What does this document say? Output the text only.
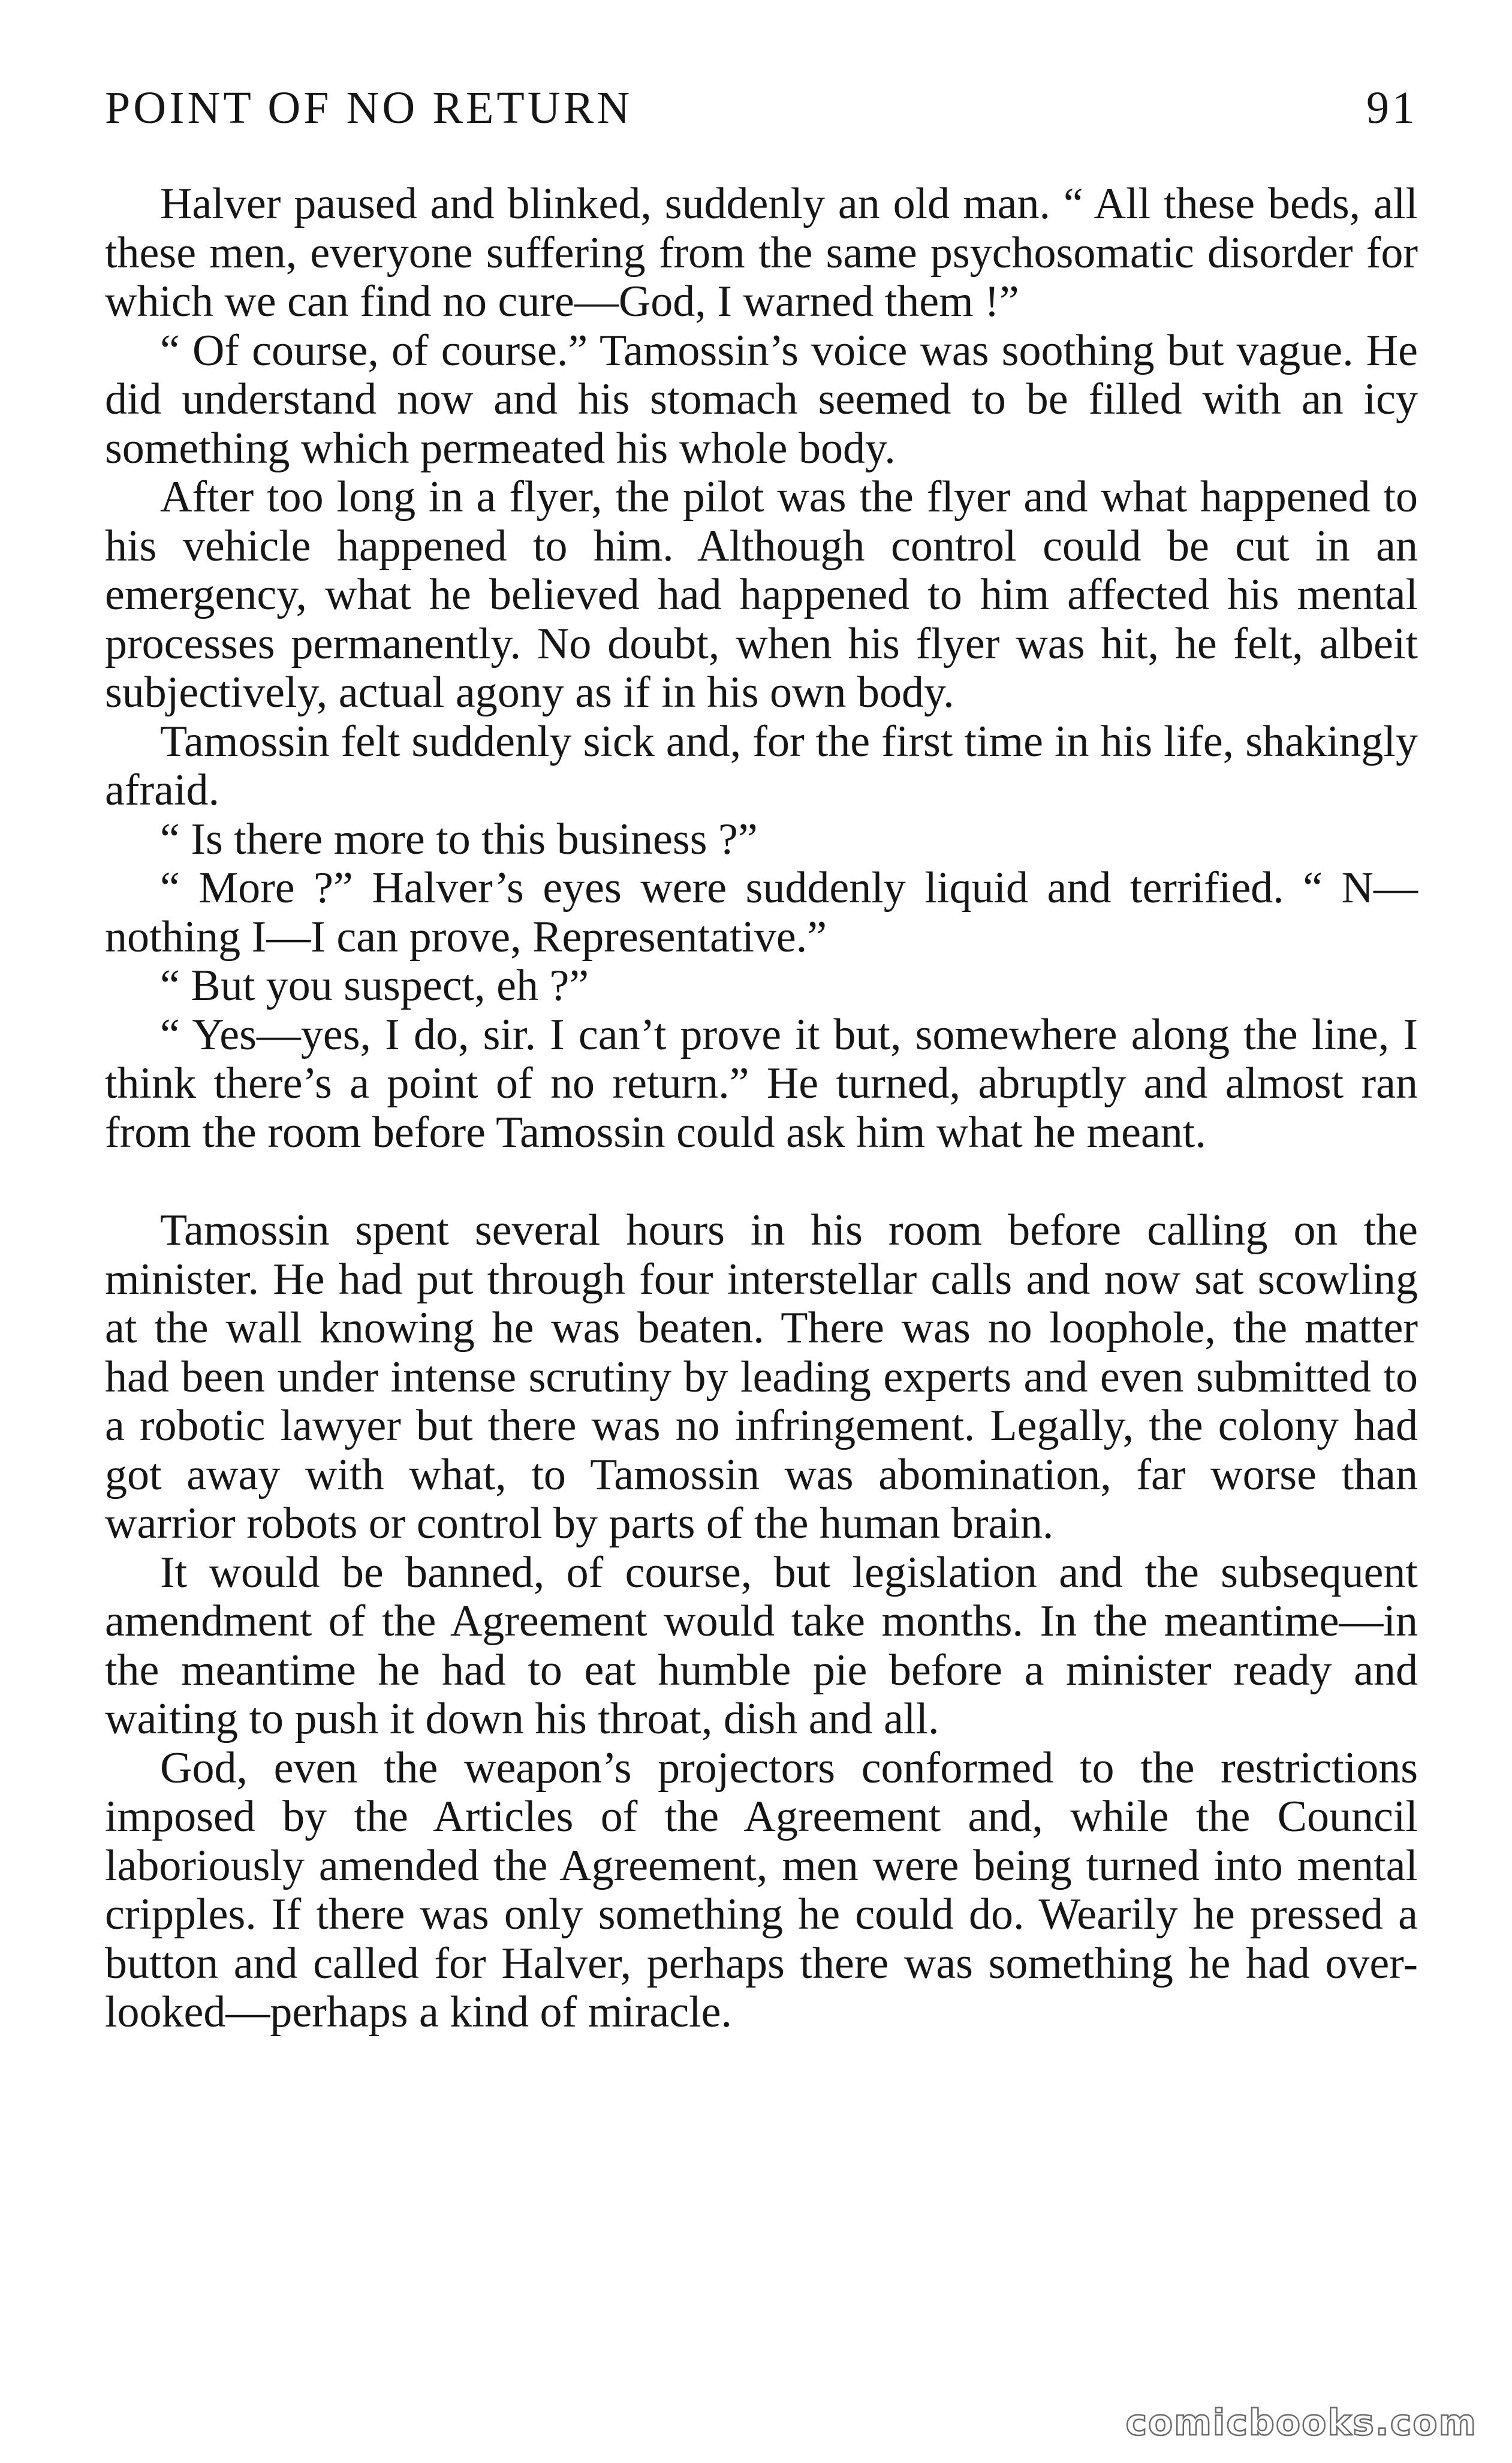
POINT OF NO RETURN	91

Halver paused and blinked, suddenly an old man. “ All these beds, all these men, everyone suffering from the same psychosomatic disorder for which we can find no cure—God, I warned them !”

“ Of course, of course.” Tamossin’s voice was soothing but vague. He did understand now and his stomach seemed to be filled with an icy something which permeated his whole body.

After too long in a flyer, the pilot was the flyer and what happened to his vehicle happened to him. Although control could be cut in an emergency, what he believed had happened to him affected his mental processes permanently. No doubt, when his flyer was hit, he felt, albeit subjectively, actual agony as if in his own body.

Tamossin felt suddenly sick and, for the first time in his life, shakingly afraid.

“ Is there more to this business ?”

“ More ?” Halver’s eyes were suddenly liquid and terrified. “ N— nothing I—I can prove, Representative.”

“ But you suspect, eh ?”

“ Yes—yes, I do, sir. I can’t prove it but, somewhere along the line, I think there’s a point of no return.” He turned, abruptly and almost ran from the room before Tamossin could ask him what he meant.

Tamossin spent several hours in his room before calling on the minister. He had put through four interstellar calls and now sat scowling at the wall knowing he was beaten. There was no loophole, the matter had been under intense scrutiny by leading experts and even submitted to a robotic lawyer but there was no infringement. Legally, the colony had got away with what, to Tamossin was abomination, far worse than warrior robots or control by parts of the human brain.

It would be banned, of course, but legislation and the subsequent amendment of the Agreement would take months. In the meantime—in the meantime he had to eat humble pie before a minister ready and waiting to push it down his throat, dish and all.

God, even the weapon’s projectors conformed to the restrictions imposed by the Articles of the Agreement and, while the Council laboriously amended the Agreement, men were being turned into mental cripples. If there was only something he could do. Wearily he pressed a button and called for Halver, perhaps there was something he had over-looked—perhaps a kind of miracle.

comicbooks.com
